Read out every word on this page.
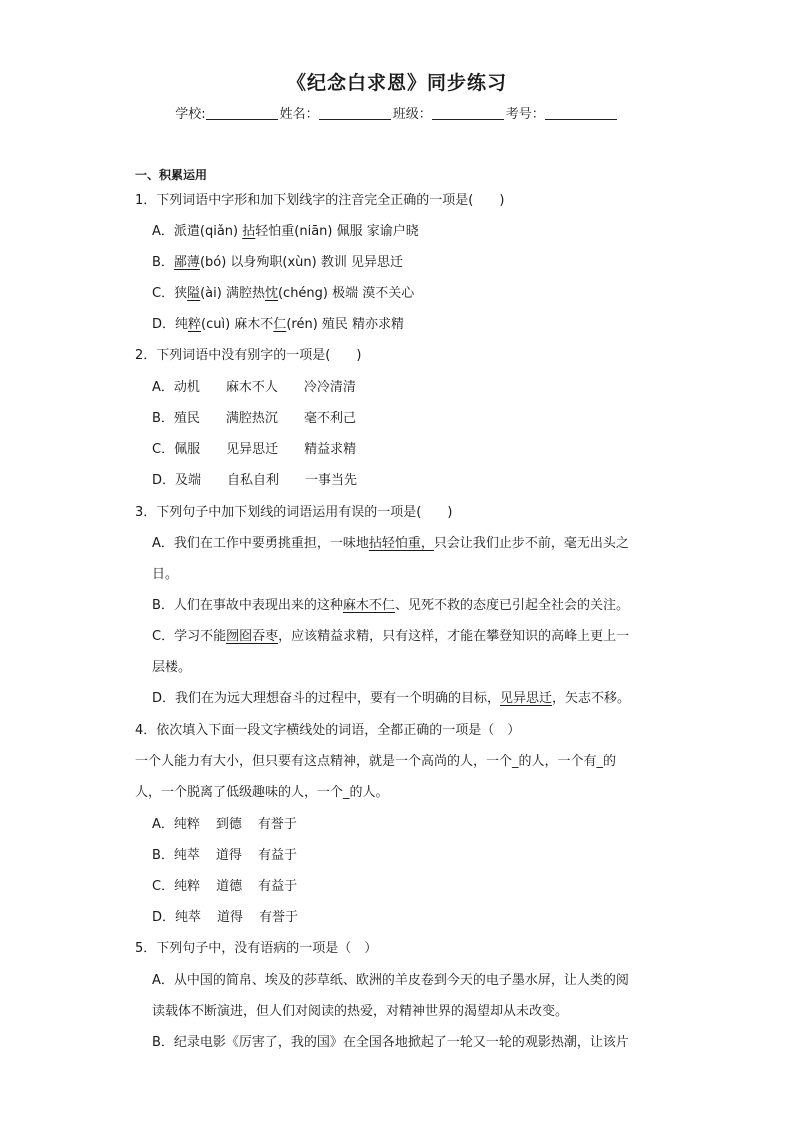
《纪念白求恩》同步练习
学校:	姓名：	班级：	考号：
一、积累运用
1．下列词语中字形和加下划线字的注音完全正确的一项是(　　)
A．派遣(qiǎn) 拈轻怕重(niān) 佩服 家谕户晓
B．鄙薄(bó) 以身殉职(xùn) 教训 见异思迁
C．狭隘(ài) 满腔热忱(chéng) 极端 漠不关心
D．纯粹(cuì) 麻木不仁(rén) 殖民 精亦求精
2．下列词语中没有别字的一项是(　　)
A．动机 麻木不人 冷冷清清
B．殖民 满腔热沉 毫不利己
C．佩服 见异思迁 精益求精
D．及端 自私自利 一事当先
3．下列句子中加下划线的词语运用有误的一项是(　　)
A．我们在工作中要勇挑重担，一味地拈轻怕重，只会让我们止步不前，毫无出头之
日。
B．人们在事故中表现出来的这种麻木不仁、见死不救的态度已引起全社会的关注。
C．学习不能囫囵吞枣，应该精益求精，只有这样，才能在攀登知识的高峰上更上一
层楼。
D．我们在为远大理想奋斗的过程中，要有一个明确的目标，见异思迁，矢志不移。
4．依次填入下面一段文字横线处的词语，全都正确的一项是（　）
一个人能力有大小，但只要有这点精神，就是一个高尚的人，一个_的人，一个有_的
人，一个脱离了低级趣味的人，一个_的人。
A．纯粹 到德 有誉于
B．纯萃 道得 有益于
C．纯粹 道德 有益于
D．纯萃 道得 有誉于
5．下列句子中，没有语病的一项是（　）
A．从中国的简帛、埃及的莎草纸、欧洲的羊皮卷到今天的电子墨水屏，让人类的阅
读载体不断演进，但人们对阅读的热爱，对精神世界的渴望却从未改变。
B．纪录电影《厉害了，我的国》在全国各地掀起了一轮又一轮的观影热潮，让该片
